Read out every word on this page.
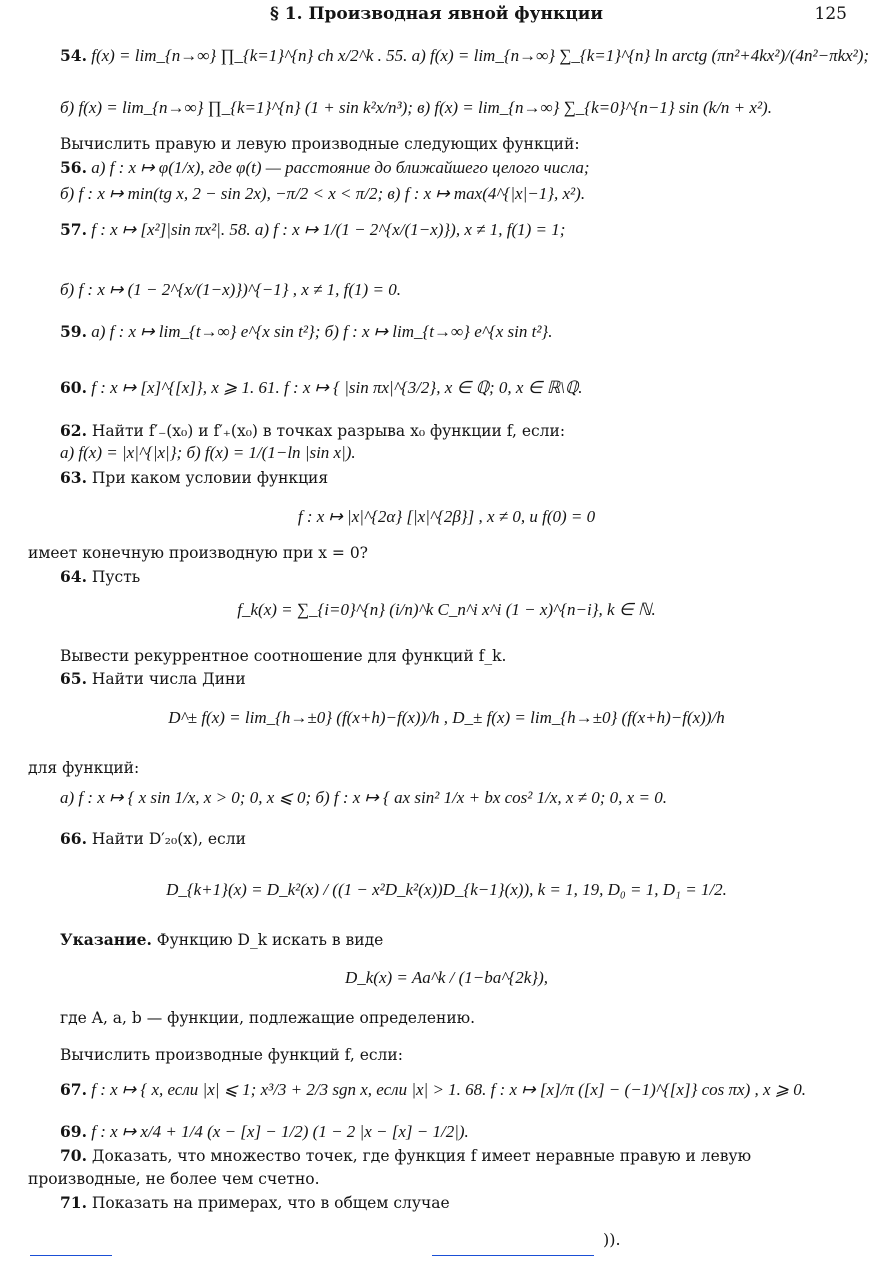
§ 1. Производная явной функции	125
54. f(x) = lim_{n→∞} ∏_{k=1}^{n} ch x/2^k . 55. а) f(x) = lim_{n→∞} ∑_{k=1}^{n} ln arctg (πn²+4kx²)/(4n²−πkx²);
б) f(x) = lim_{n→∞} ∏_{k=1}^{n} (1 + sin k²x/n³); в) f(x) = lim_{n→∞} ∑_{k=0}^{n−1} sin (k/n + x²).
Вычислить правую и левую производные следующих функций:
56. а) f : x ↦ φ(1/x), где φ(t) — расстояние до ближайшего целого числа;
б) f : x ↦ min(tg x, 2 − sin 2x), −π/2 < x < π/2; в) f : x ↦ max(4^{|x|−1}, x²).
57. f : x ↦ [x²]|sin πx²|. 58. а) f : x ↦ 1/(1 − 2^{x/(1−x)}), x ≠ 1, f(1) = 1;
б) f : x ↦ (1 − 2^{x/(1−x)})^{−1} , x ≠ 1, f(1) = 0.
59. а) f : x ↦ lim_{t→∞} e^{x sin t²}; б) f : x ↦ lim_{t→∞} e^{x sin t²}.
60. f : x ↦ [x]^{[x]}, x ⩾ 1. 61. f : x ↦ { |sin πx|^{3/2}, x ∈ ℚ; 0, x ∈ ℝ\ℚ.
62. Найти f′₋(x₀) и f′₊(x₀) в точках разрыва x₀ функции f, если:
а) f(x) = |x|^{|x|}; б) f(x) = 1/(1−ln |sin x|).
63. При каком условии функция
f : x ↦ |x|^{2α} [|x|^{2β}] , x ≠ 0, и f(0) = 0
имеет конечную производную при x = 0?
64. Пусть
f_k(x) = ∑_{i=0}^{n} (i/n)^k C_n^i x^i (1 − x)^{n−i}, k ∈ ℕ.
Вывести рекуррентное соотношение для функций f_k.
65. Найти числа Дини
D^± f(x) = lim_{h→±0} (f(x+h)−f(x))/h , D_± f(x) = lim_{h→±0} (f(x+h)−f(x))/h
для функций:
а) f : x ↦ { x sin 1/x, x > 0; 0, x ⩽ 0; б) f : x ↦ { ax sin² 1/x + bx cos² 1/x, x ≠ 0; 0, x = 0.
66. Найти D′₂₀(x), если
D_{k+1}(x) = D_k²(x) / ((1 − x²D_k²(x))D_{k−1}(x)), k = 1, 19, D₀ = 1, D₁ = 1/2.
Указание. Функцию D_k искать в виде
D_k(x) = Aa^k / (1−ba^{2k}),
где A, a, b — функции, подлежащие определению.
Вычислить производные функций f, если:
67. f : x ↦ { x, если |x| ⩽ 1; x³/3 + 2/3 sgn x, если |x| > 1. 68. f : x ↦ [x]/π ([x] − (−1)^{[x]} cos πx) , x ⩾ 0.
69. f : x ↦ x/4 + 1/4 (x − [x] − 1/2) (1 − 2 |x − [x] − 1/2|).
70. Доказать, что множество точек, где функция f имеет неравные правую и левую
производные, не более чем счетно.
71. Показать на примерах, что в общем случае
)).
